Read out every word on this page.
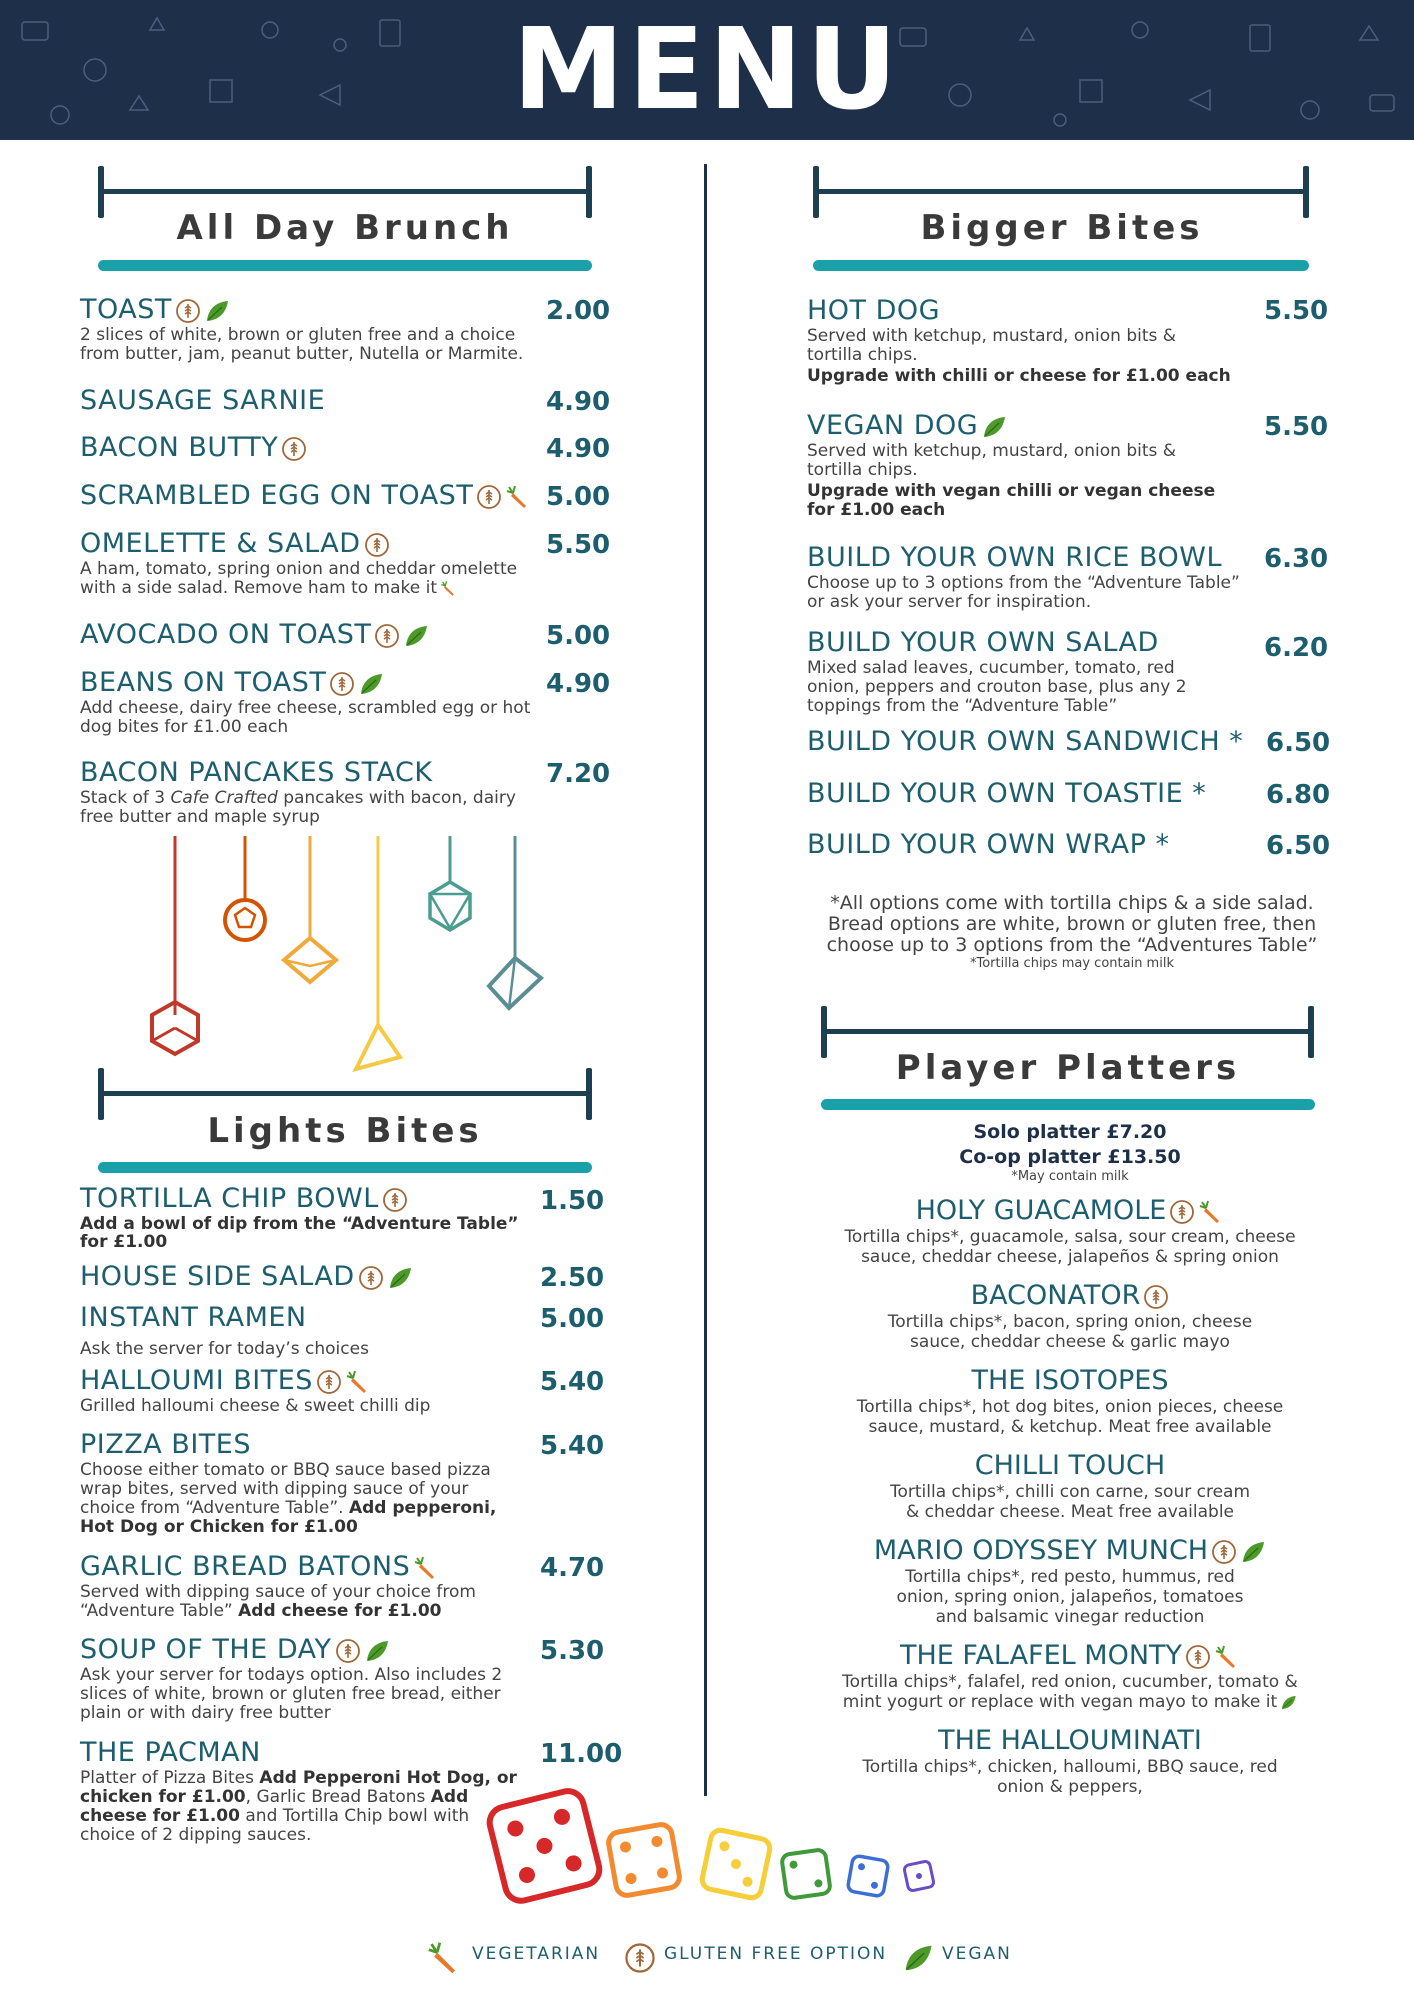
MENU
All Day Brunch
TOAST
2 slices of white, brown or gluten free and a choice from butter, jam, peanut butter, Nutella or Marmite.
2.00
SAUSAGE SARNIE	4.90
BACON BUTTY	4.90
SCRAMBLED EGG ON TOAST	5.00
OMELETTE & SALAD
A ham, tomato, spring onion and cheddar omelette with a side salad. Remove ham to make it
5.50
AVOCADO ON TOAST	5.00
BEANS ON TOAST
Add cheese, dairy free cheese, scrambled egg or hot dog bites for £1.00 each
4.90
BACON PANCAKES STACK
Stack of 3 Cafe Crafted pancakes with bacon, dairy free butter and maple syrup
7.20
Lights Bites
TORTILLA CHIP BOWL
Add a bowl of dip from the “Adventure Table” for £1.00
1.50
HOUSE SIDE SALAD	2.50
INSTANT RAMEN
Ask the server for today’s choices
5.00
HALLOUMI BITES
Grilled halloumi cheese & sweet chilli dip
5.40
PIZZA BITES
Choose either tomato or BBQ sauce based pizza wrap bites, served with dipping sauce of your choice from “Adventure Table”. Add pepperoni, Hot Dog or Chicken for £1.00
5.40
GARLIC BREAD BATONS
Served with dipping sauce of your choice from “Adventure Table” Add cheese for £1.00
4.70
SOUP OF THE DAY
Ask your server for todays option. Also includes 2 slices of white, brown or gluten free bread, either plain or with dairy free butter
5.30
THE PACMAN
Platter of Pizza Bites Add Pepperoni Hot Dog, or chicken for £1.00, Garlic Bread Batons Add cheese for £1.00 and Tortilla Chip bowl with choice of 2 dipping sauces.
11.00
Bigger Bites
HOT DOG
Served with ketchup, mustard, onion bits & tortilla chips.
Upgrade with chilli or cheese for £1.00 each
5.50
VEGAN DOG
Served with ketchup, mustard, onion bits & tortilla chips.
Upgrade with vegan chilli or vegan cheese for £1.00 each
5.50
BUILD YOUR OWN RICE BOWL
Choose up to 3 options from the “Adventure Table” or ask your server for inspiration.
6.30
BUILD YOUR OWN SALAD
Mixed salad leaves, cucumber, tomato, red onion, peppers and crouton base, plus any 2 toppings from the “Adventure Table”
6.20
BUILD YOUR OWN SANDWICH * 6.50
BUILD YOUR OWN TOASTIE *	6.80
BUILD YOUR OWN WRAP *	6.50
*All options come with tortilla chips & a side salad. Bread options are white, brown or gluten free, then choose up to 3 options from the “Adventures Table”
*Tortilla chips may contain milk
Player Platters
Solo platter £7.20
Co-op platter £13.50
*May contain milk
HOLY GUACAMOLE
Tortilla chips*, guacamole, salsa, sour cream, cheese sauce, cheddar cheese, jalapeños & spring onion
BACONATOR
Tortilla chips*, bacon, spring onion, cheese sauce, cheddar cheese & garlic mayo
THE ISOTOPES
Tortilla chips*, hot dog bites, onion pieces, cheese sauce, mustard, & ketchup. Meat free available
CHILLI TOUCH
Tortilla chips*, chilli con carne, sour cream & cheddar cheese. Meat free available
MARIO ODYSSEY MUNCH
Tortilla chips*, red pesto, hummus, red onion, spring onion, jalapeños, tomatoes and balsamic vinegar reduction
THE FALAFEL MONTY
Tortilla chips*, falafel, red onion, cucumber, tomato & mint yogurt or replace with vegan mayo to make it
THE HALLOUMINATI
Tortilla chips*, chicken, halloumi, BBQ sauce, red onion & peppers,
VEGETARIAN	GLUTEN FREE OPTION	VEGAN
